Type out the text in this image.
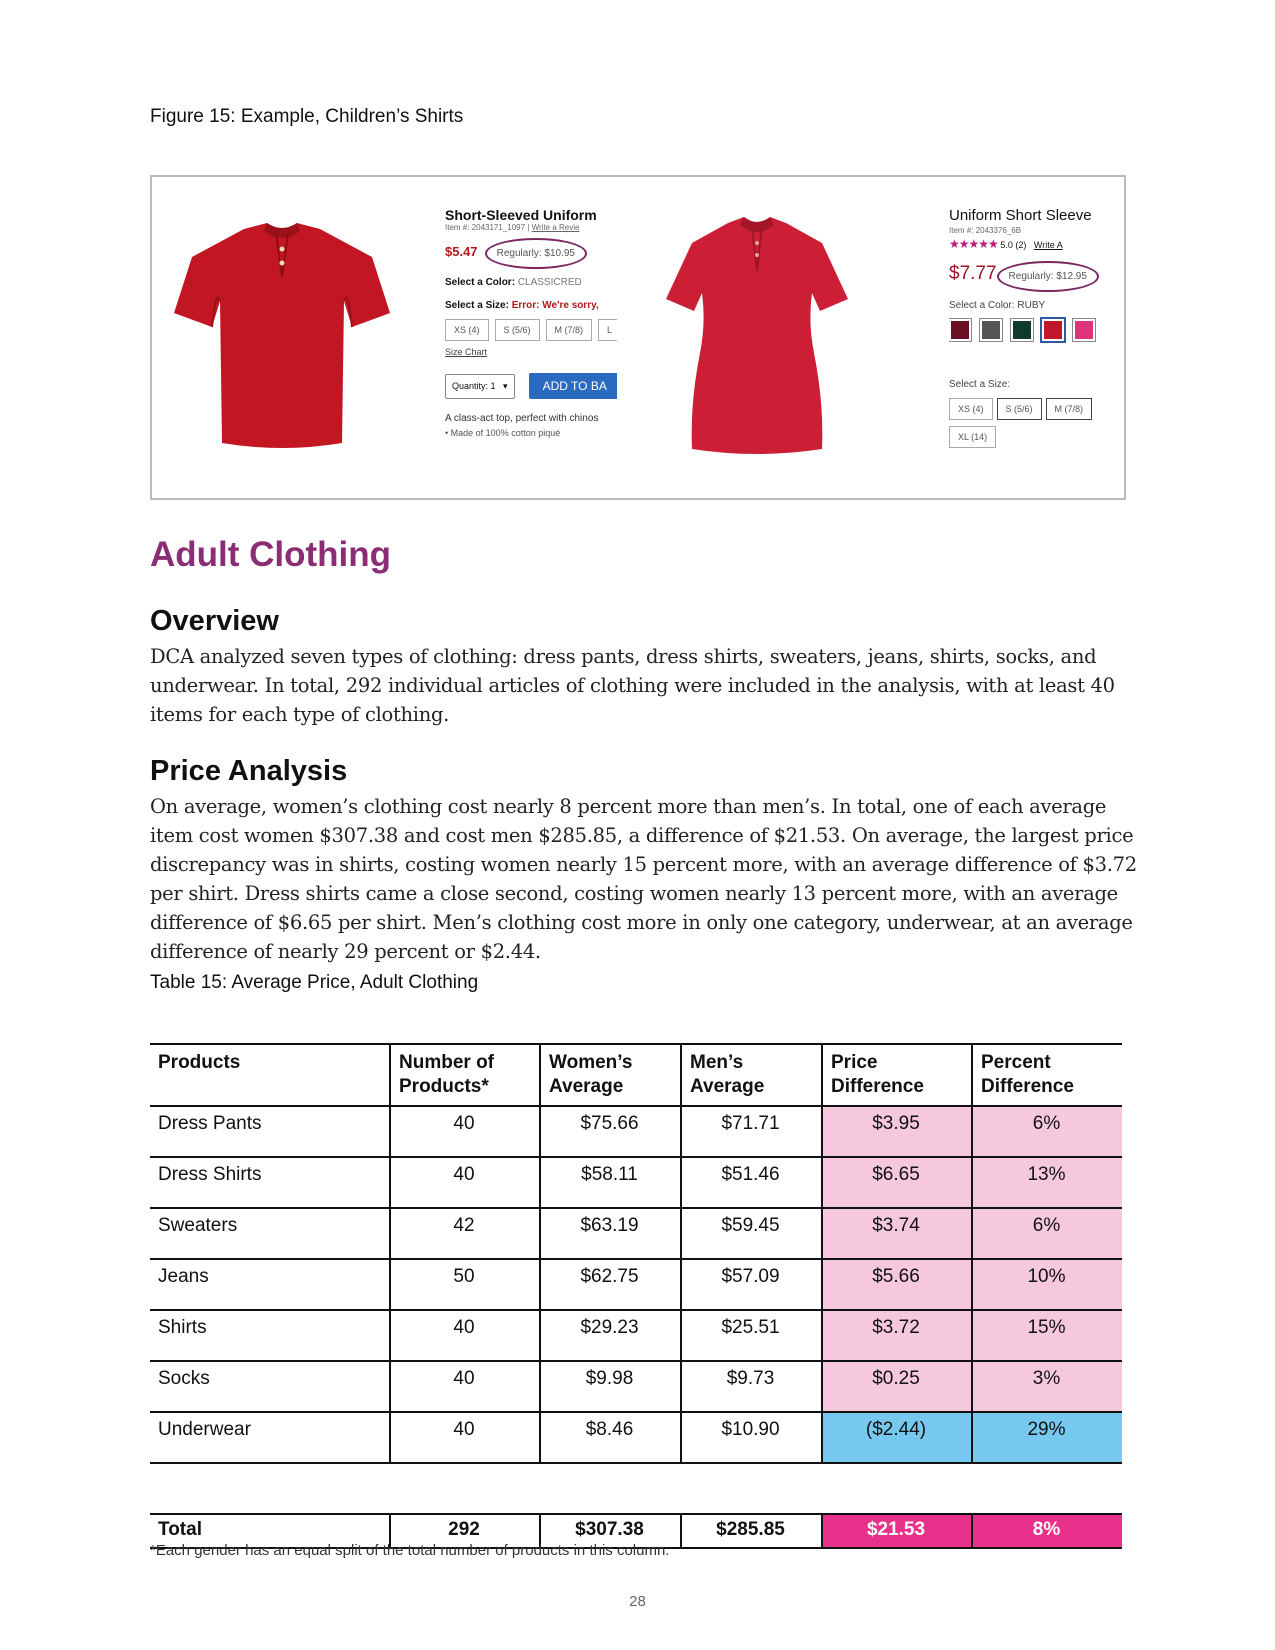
Figure 15: Example, Children’s Shirts
Short-Sleeved Uniform
Item #: 2043171_1097 | Write a Revie
$5.47 Regularly: $10.95
Select a Color: CLASSICRED
Select a Size: Error: We're sorry,
XS (4)	S (5/6)	M (7/8)	L
Size Chart
Quantity: 1 ▾	ADD TO BA
A class-act top, perfect with chinos
• Made of 100% cotton piqué
Uniform Short Sleeve
Item #: 2043376_6B
★★★★★ 5.0 (2) Write A
$7.77 Regularly: $12.95
Select a Color: RUBY
Select a Size:
XS (4)	S (5/6)	M (7/8)
XL (14)
Adult Clothing
Overview
DCA analyzed seven types of clothing: dress pants, dress shirts, sweaters, jeans, shirts, socks, and underwear. In total, 292 individual articles of clothing were included in the analysis, with at least 40 items for each type of clothing.
Price Analysis
On average, women’s clothing cost nearly 8 percent more than men’s. In total, one of each average item cost women $307.38 and cost men $285.85, a difference of $21.53. On average, the largest price discrepancy was in shirts, costing women nearly 15 percent more, with an average difference of $3.72 per shirt. Dress shirts came a close second, costing women nearly 13 percent more, with an average difference of $6.65 per shirt. Men’s clothing cost more in only one category, underwear, at an average difference of nearly 29 percent or $2.44.
Table 15: Average Price, Adult Clothing
Products	Number of Products*	Women’s Average	Men’s Average	Price Difference	Percent Difference
Dress Pants	40	$75.66	$71.71	$3.95	6%
Dress Shirts	40	$58.11	$51.46	$6.65	13%
Sweaters	42	$63.19	$59.45	$3.74	6%
Jeans	50	$62.75	$57.09	$5.66	10%
Shirts	40	$29.23	$25.51	$3.72	15%
Socks	40	$9.98	$9.73	$0.25	3%
Underwear	40	$8.46	$10.90	($2.44)	29%

Total	292	$307.38	$285.85	$21.53	8%
*Each gender has an equal split of the total number of products in this column.
28
